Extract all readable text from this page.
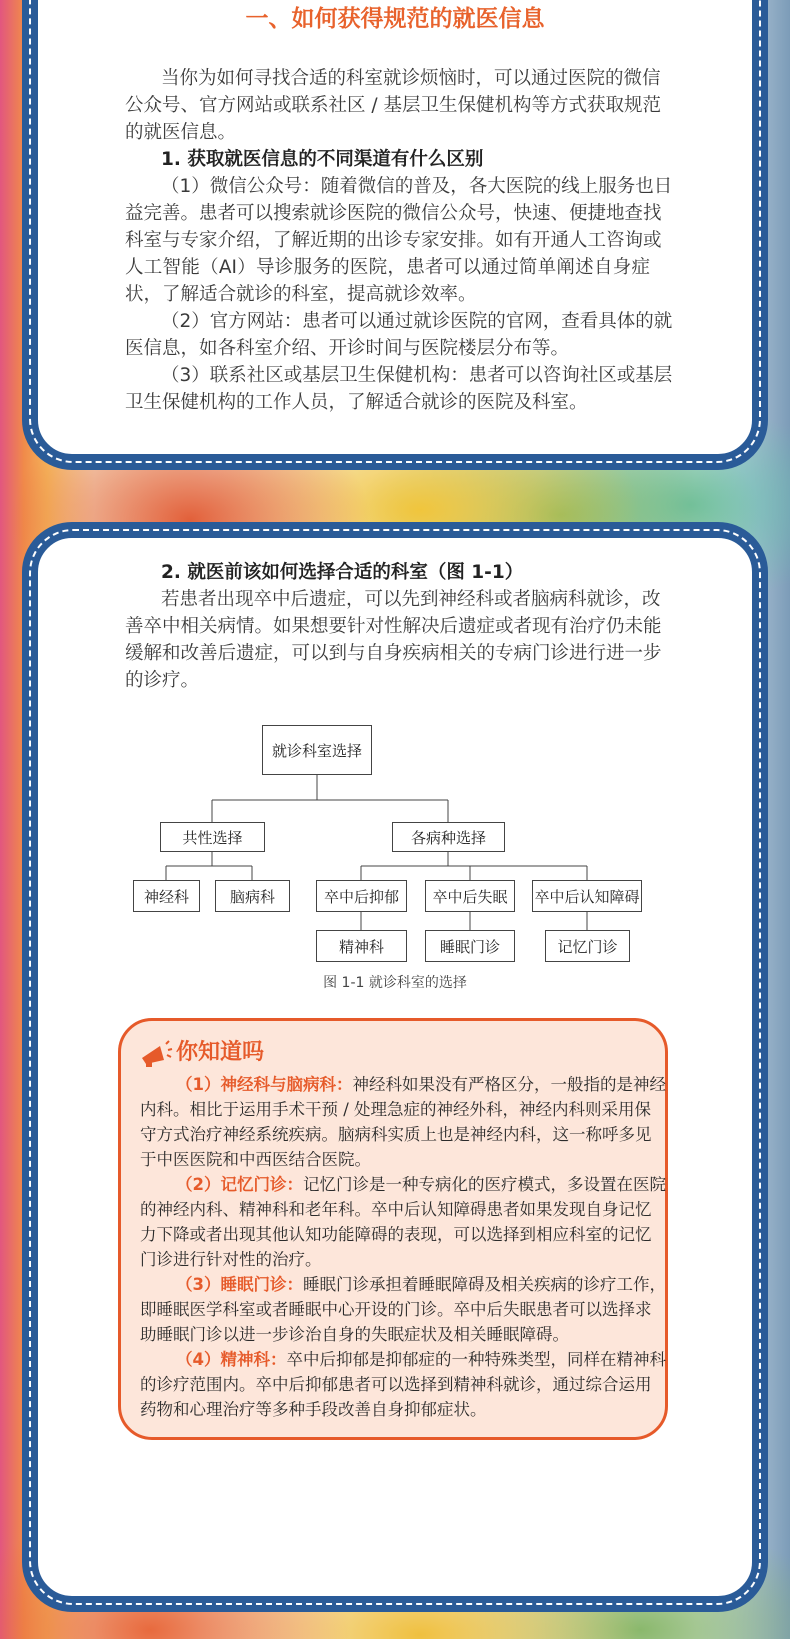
一、如何获得规范的就医信息
当你为如何寻找合适的科室就诊烦恼时，可以通过医院的微信
公众号、官方网站或联系社区 / 基层卫生保健机构等方式获取规范
的就医信息。
1. 获取就医信息的不同渠道有什么区别
（1）微信公众号：随着微信的普及，各大医院的线上服务也日
益完善。患者可以搜索就诊医院的微信公众号，快速、便捷地查找
科室与专家介绍，了解近期的出诊专家安排。如有开通人工咨询或
人工智能（AI）导诊服务的医院，患者可以通过简单阐述自身症
状，了解适合就诊的科室，提高就诊效率。
（2）官方网站：患者可以通过就诊医院的官网，查看具体的就
医信息，如各科室介绍、开诊时间与医院楼层分布等。
（3）联系社区或基层卫生保健机构：患者可以咨询社区或基层
卫生保健机构的工作人员，了解适合就诊的医院及科室。
2. 就医前该如何选择合适的科室（图 1-1）
若患者出现卒中后遗症，可以先到神经科或者脑病科就诊，改
善卒中相关病情。如果想要针对性解决后遗症或者现有治疗仍未能
缓解和改善后遗症，可以到与自身疾病相关的专病门诊进行进一步
的诊疗。
就诊科室选择
共性选择	各病种选择
神经科	脑病科	卒中后抑郁	卒中后失眠	卒中后认知障碍
精神科	睡眠门诊	记忆门诊
图 1-1 就诊科室的选择
你知道吗
（1）神经科与脑病科：神经科如果没有严格区分，一般指的是神经
内科。相比于运用手术干预 / 处理急症的神经外科，神经内科则采用保
守方式治疗神经系统疾病。脑病科实质上也是神经内科，这一称呼多见
于中医医院和中西医结合医院。
（2）记忆门诊：记忆门诊是一种专病化的医疗模式，多设置在医院
的神经内科、精神科和老年科。卒中后认知障碍患者如果发现自身记忆
力下降或者出现其他认知功能障碍的表现，可以选择到相应科室的记忆
门诊进行针对性的治疗。
（3）睡眠门诊：睡眠门诊承担着睡眠障碍及相关疾病的诊疗工作，
即睡眠医学科室或者睡眠中心开设的门诊。卒中后失眠患者可以选择求
助睡眠门诊以进一步诊治自身的失眠症状及相关睡眠障碍。
（4）精神科：卒中后抑郁是抑郁症的一种特殊类型，同样在精神科
的诊疗范围内。卒中后抑郁患者可以选择到精神科就诊，通过综合运用
药物和心理治疗等多种手段改善自身抑郁症状。
